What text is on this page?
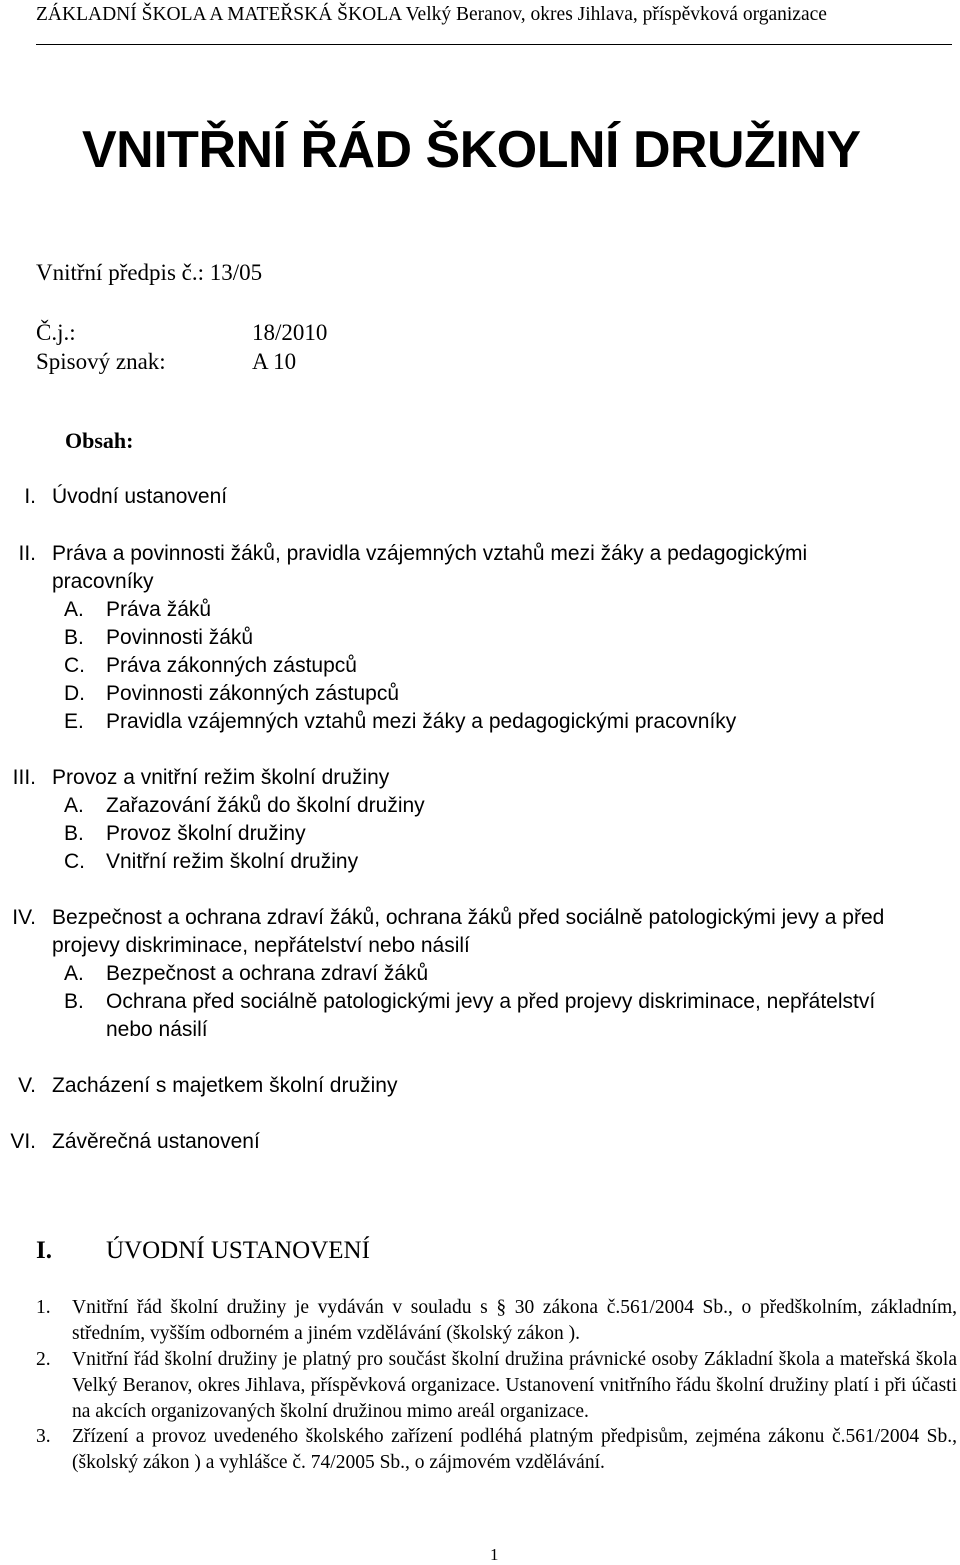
ZÁKLADNÍ ŠKOLA A MATEŘSKÁ ŠKOLA Velký Beranov, okres Jihlava, příspěvková organizace
VNITŘNÍ ŘÁD ŠKOLNÍ DRUŽINY
Vnitřní předpis č.: 13/05
Č.j.:	18/2010
Spisový znak:	A 10
Obsah:
I. Úvodní ustanovení
II. Práva a povinnosti žáků, pravidla vzájemných vztahů mezi žáky a pedagogickými pracovníky
A.	Práva žáků
B.	Povinnosti žáků
C.	Práva zákonných zástupců
D.	Povinnosti zákonných zástupců
E.	Pravidla vzájemných vztahů mezi žáky a pedagogickými pracovníky
III. Provoz a vnitřní režim školní družiny
A.	Zařazování žáků do školní družiny
B.	Provoz školní družiny
C.	Vnitřní režim školní družiny
IV. Bezpečnost a ochrana zdraví žáků, ochrana žáků před sociálně patologickými jevy a před projevy diskriminace, nepřátelství nebo násilí
A.	Bezpečnost a ochrana zdraví žáků
B.	Ochrana před sociálně patologickými jevy a před projevy diskriminace, nepřátelství nebo násilí
V. Zacházení s majetkem školní družiny
VI. Závěrečná ustanovení
I. ÚVODNÍ USTANOVENÍ
1. Vnitřní řád školní družiny je vydáván v souladu s § 30 zákona č.561/2004 Sb., o předškolním, základním, středním, vyšším odborném a jiném vzdělávání (školský zákon ).
2. Vnitřní řád školní družiny je platný pro součást školní družina právnické osoby Základní škola a mateřská škola Velký Beranov, okres Jihlava, příspěvková organizace. Ustanovení vnitřního řádu školní družiny platí i při účasti na akcích organizovaných školní družinou mimo areál organizace.
3. Zřízení a provoz uvedeného školského zařízení podléhá platným předpisům, zejména zákonu č.561/2004 Sb., (školský zákon ) a vyhlášce č. 74/2005 Sb., o zájmovém vzdělávání.
1
